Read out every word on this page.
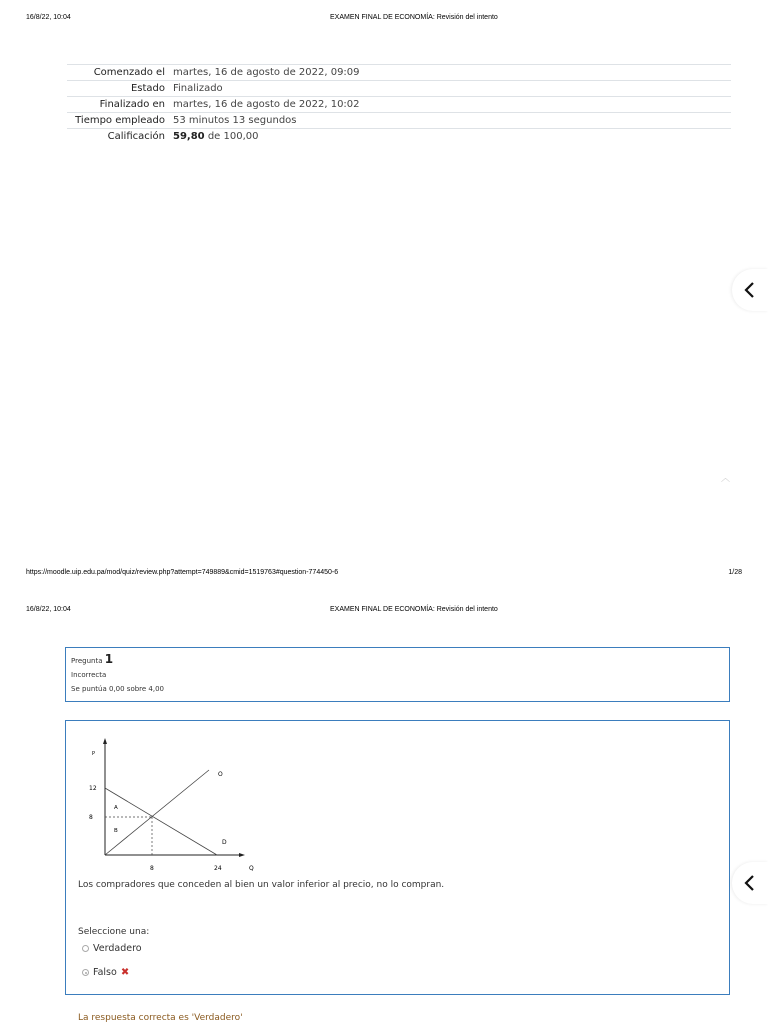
16/8/22, 10:04	EXAMEN FINAL DE ECONOMÍA: Revisión del intento
Comenzado el	martes, 16 de agosto de 2022, 09:09
Estado	Finalizado
Finalizado en	martes, 16 de agosto de 2022, 10:02
Tiempo empleado	53 minutos 13 segundos
Calificación	59,80 de 100,00
︿
https://moodle.uip.edu.pa/mod/quiz/review.php?attempt=749889&cmid=1519763#question-774450-6	1/28
16/8/22, 10:04	EXAMEN FINAL DE ECONOMÍA: Revisión del intento
Pregunta 1
Incorrecta
Se puntúa 0,00 sobre 4,00
P
12
8
8	24	Q
O
D
A
B
Los compradores que conceden al bien un valor inferior al precio, no lo compran.
Seleccione una:
Verdadero
Falso ✖
La respuesta correcta es 'Verdadero'
